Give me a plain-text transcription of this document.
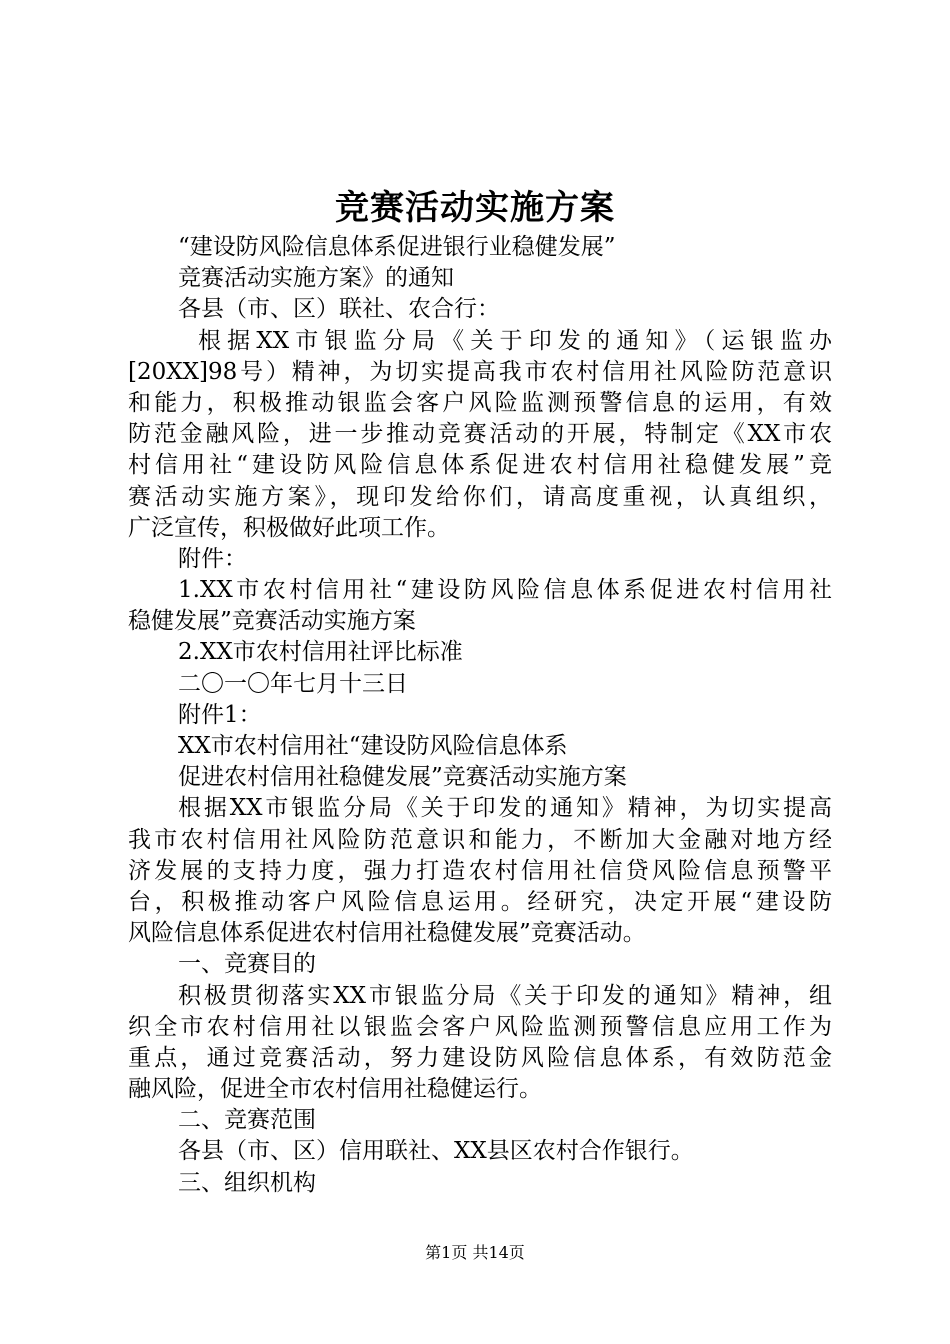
竞赛活动实施方案
“建设防风险信息体系促进银行业稳健发展”
竞赛活动实施方案》的通知
各县（市、区）联社、农合行：
根据XX市银监分局《关于印发的通知》（运银监办
[20XX]98号）精神，为切实提高我市农村信用社风险防范意识
和能力，积极推动银监会客户风险监测预警信息的运用，有效
防范金融风险，进一步推动竞赛活动的开展，特制定《XX市农
村信用社“建设防风险信息体系促进农村信用社稳健发展”竞
赛活动实施方案》，现印发给你们，请高度重视，认真组织，
广泛宣传，积极做好此项工作。
附件：
1.XX市农村信用社“建设防风险信息体系促进农村信用社
稳健发展”竞赛活动实施方案
2.XX市农村信用社评比标准
二〇一〇年七月十三日
附件1：
XX市农村信用社“建设防风险信息体系
促进农村信用社稳健发展”竞赛活动实施方案
根据XX市银监分局《关于印发的通知》精神，为切实提高
我市农村信用社风险防范意识和能力，不断加大金融对地方经
济发展的支持力度，强力打造农村信用社信贷风险信息预警平
台，积极推动客户风险信息运用。经研究，决定开展“建设防
风险信息体系促进农村信用社稳健发展”竞赛活动。
一、竞赛目的
积极贯彻落实XX市银监分局《关于印发的通知》精神，组
织全市农村信用社以银监会客户风险监测预警信息应用工作为
重点，通过竞赛活动，努力建设防风险信息体系，有效防范金
融风险，促进全市农村信用社稳健运行。
二、竞赛范围
各县（市、区）信用联社、XX县区农村合作银行。
三、组织机构
第1页 共14页
